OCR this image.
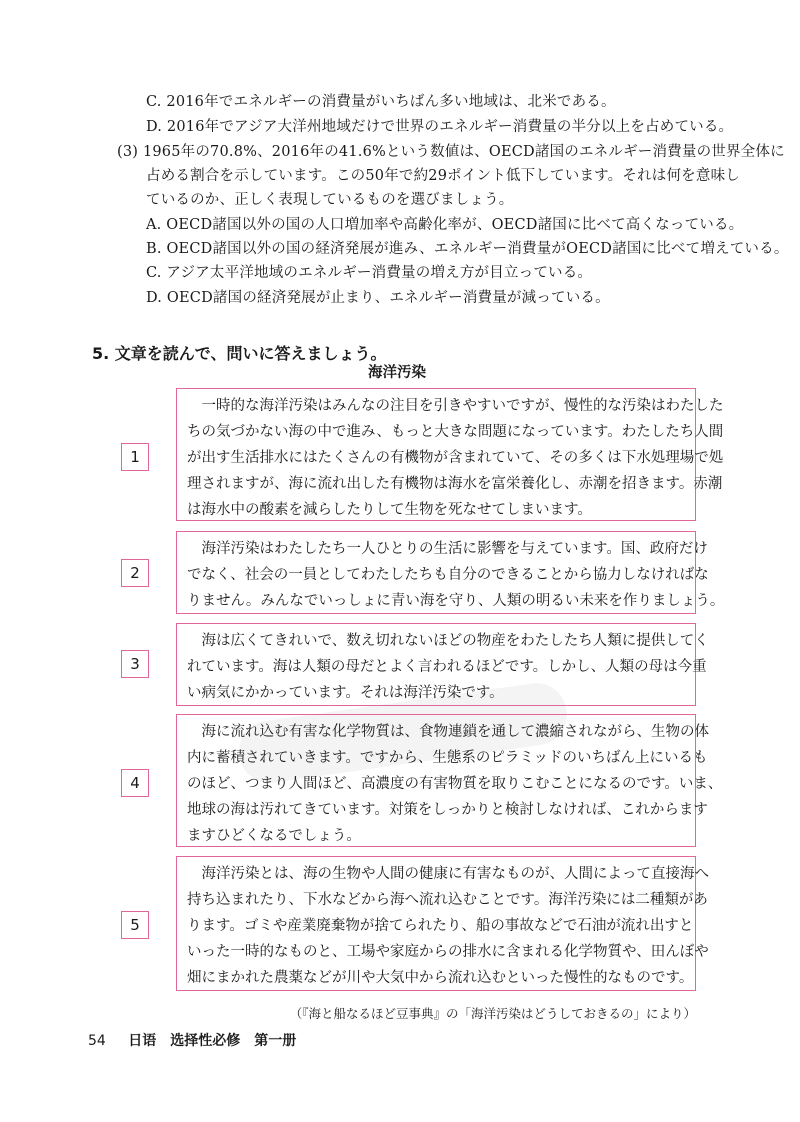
C. 2016年でエネルギーの消費量がいちばん多い地域は、北米である。
D. 2016年でアジア大洋州地域だけで世界のエネルギー消費量の半分以上を占めている。
(3) 1965年の70.8%、2016年の41.6%という数値は、OECD諸国のエネルギー消費量の世界全体に
占める割合を示しています。この50年で約29ポイント低下しています。それは何を意味し
ているのか、正しく表現しているものを選びましょう。
A. OECD諸国以外の国の人口増加率や高齢化率が、OECD諸国に比べて高くなっている。
B. OECD諸国以外の国の経済発展が進み、エネルギー消費量がOECD諸国に比べて増えている。
C. アジア太平洋地域のエネルギー消費量の増え方が目立っている。
D. OECD諸国の経済発展が止まり、エネルギー消費量が減っている。
5. 文章を読んで、問いに答えましょう。
海洋汚染
1

　一時的な海洋汚染はみんなの注目を引きやすいですが、慢性的な汚染はわたした

ちの気づかない海の中で進み、もっと大きな問題になっています。わたしたち人間

が出す生活排水にはたくさんの有機物が含まれていて、その多くは下水処理場で処

理されますが、海に流れ出した有機物は海水を富栄養化し、赤潮を招きます。赤潮

は海水中の酸素を減らしたりして生物を死なせてしまいます。

2

　海洋汚染はわたしたち一人ひとりの生活に影響を与えています。国、政府だけ

でなく、社会の一員としてわたしたちも自分のできることから協力しなければな

りません。みんなでいっしょに青い海を守り、人類の明るい未来を作りましょう。

3

　海は広くてきれいで、数え切れないほどの物産をわたしたち人類に提供してく

れています。海は人類の母だとよく言われるほどです。しかし、人類の母は今重

い病気にかかっています。それは海洋汚染です。

4

　海に流れ込む有害な化学物質は、食物連鎖を通して濃縮されながら、生物の体

内に蓄積されていきます。ですから、生態系のピラミッドのいちばん上にいるも

のほど、つまり人間ほど、高濃度の有害物質を取りこむことになるのです。いま、

地球の海は汚れてきています。対策をしっかりと検討しなければ、これからます

ますひどくなるでしょう。

5

　海洋汚染とは、海の生物や人間の健康に有害なものが、人間によって直接海へ

持ち込まれたり、下水などから海へ流れ込むことです。海洋汚染には二種類があ

ります。ゴミや産業廃棄物が捨てられたり、船の事故などで石油が流れ出すと

いった一時的なものと、工場や家庭からの排水に含まれる化学物質や、田んぼや

畑にまかれた農薬などが川や大気中から流れ込むといった慢性的なものです。

（『海と船なるほど豆事典』の「海洋汚染はどうしておきるの」により）
54 日语　选择性必修　第一册
